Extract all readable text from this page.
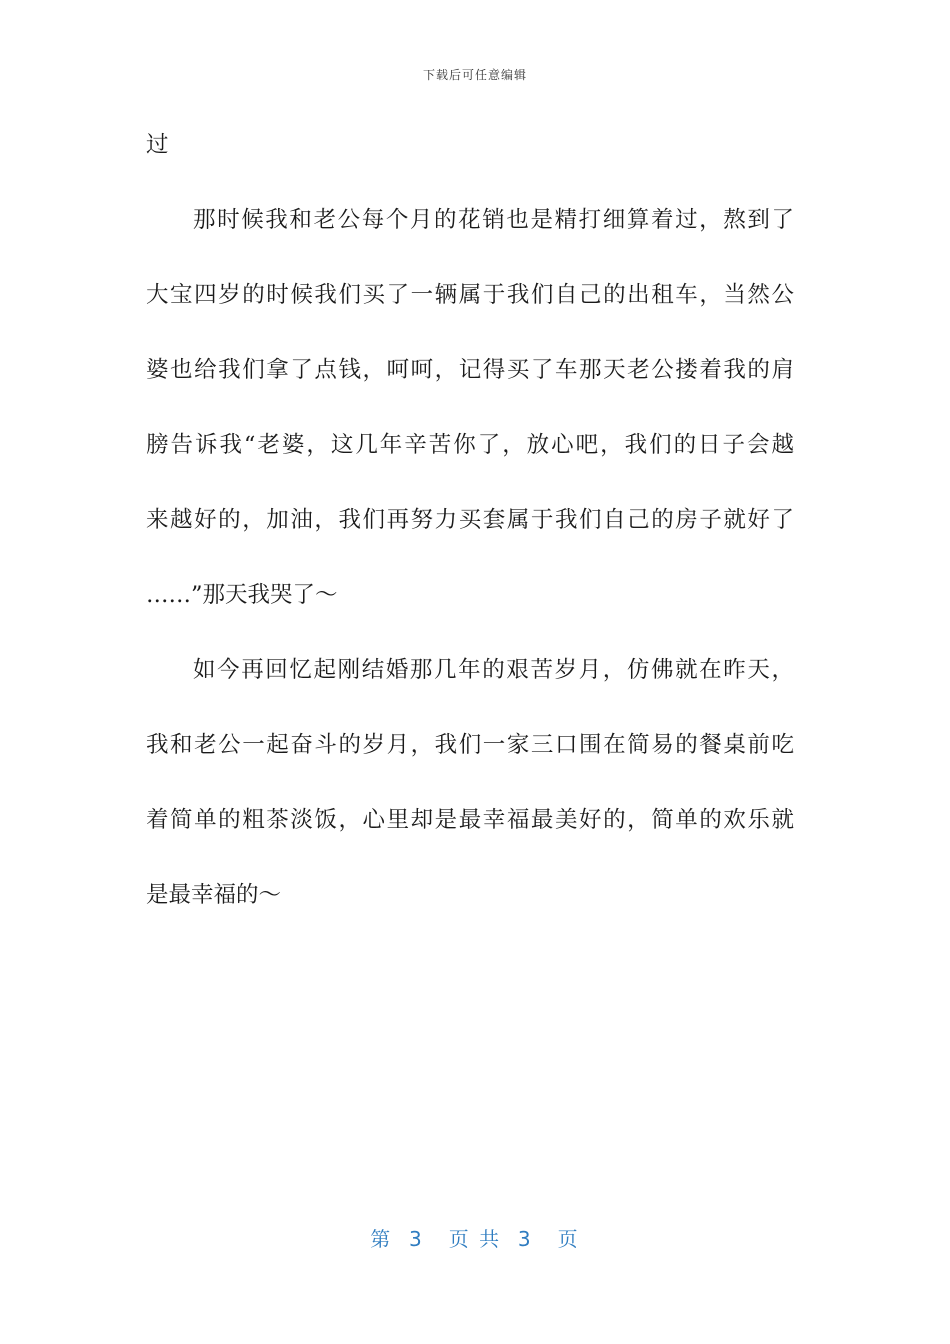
下载后可任意编辑
过
那时候我和老公每个月的花销也是精打细算着过，熬到了
大宝四岁的时候我们买了一辆属于我们自己的出租车，当然公
婆也给我们拿了点钱，呵呵，记得买了车那天老公搂着我的肩
膀告诉我“老婆，这几年辛苦你了，放心吧，我们的日子会越
来越好的，加油，我们再努力买套属于我们自己的房子就好了
……”那天我哭了～
如今再回忆起刚结婚那几年的艰苦岁月，仿佛就在昨天，
我和老公一起奋斗的岁月，我们一家三口围在简易的餐桌前吃
着简单的粗茶淡饭，心里却是最幸福最美好的，简单的欢乐就
是最幸福的～
第  3   页 共  3   页
